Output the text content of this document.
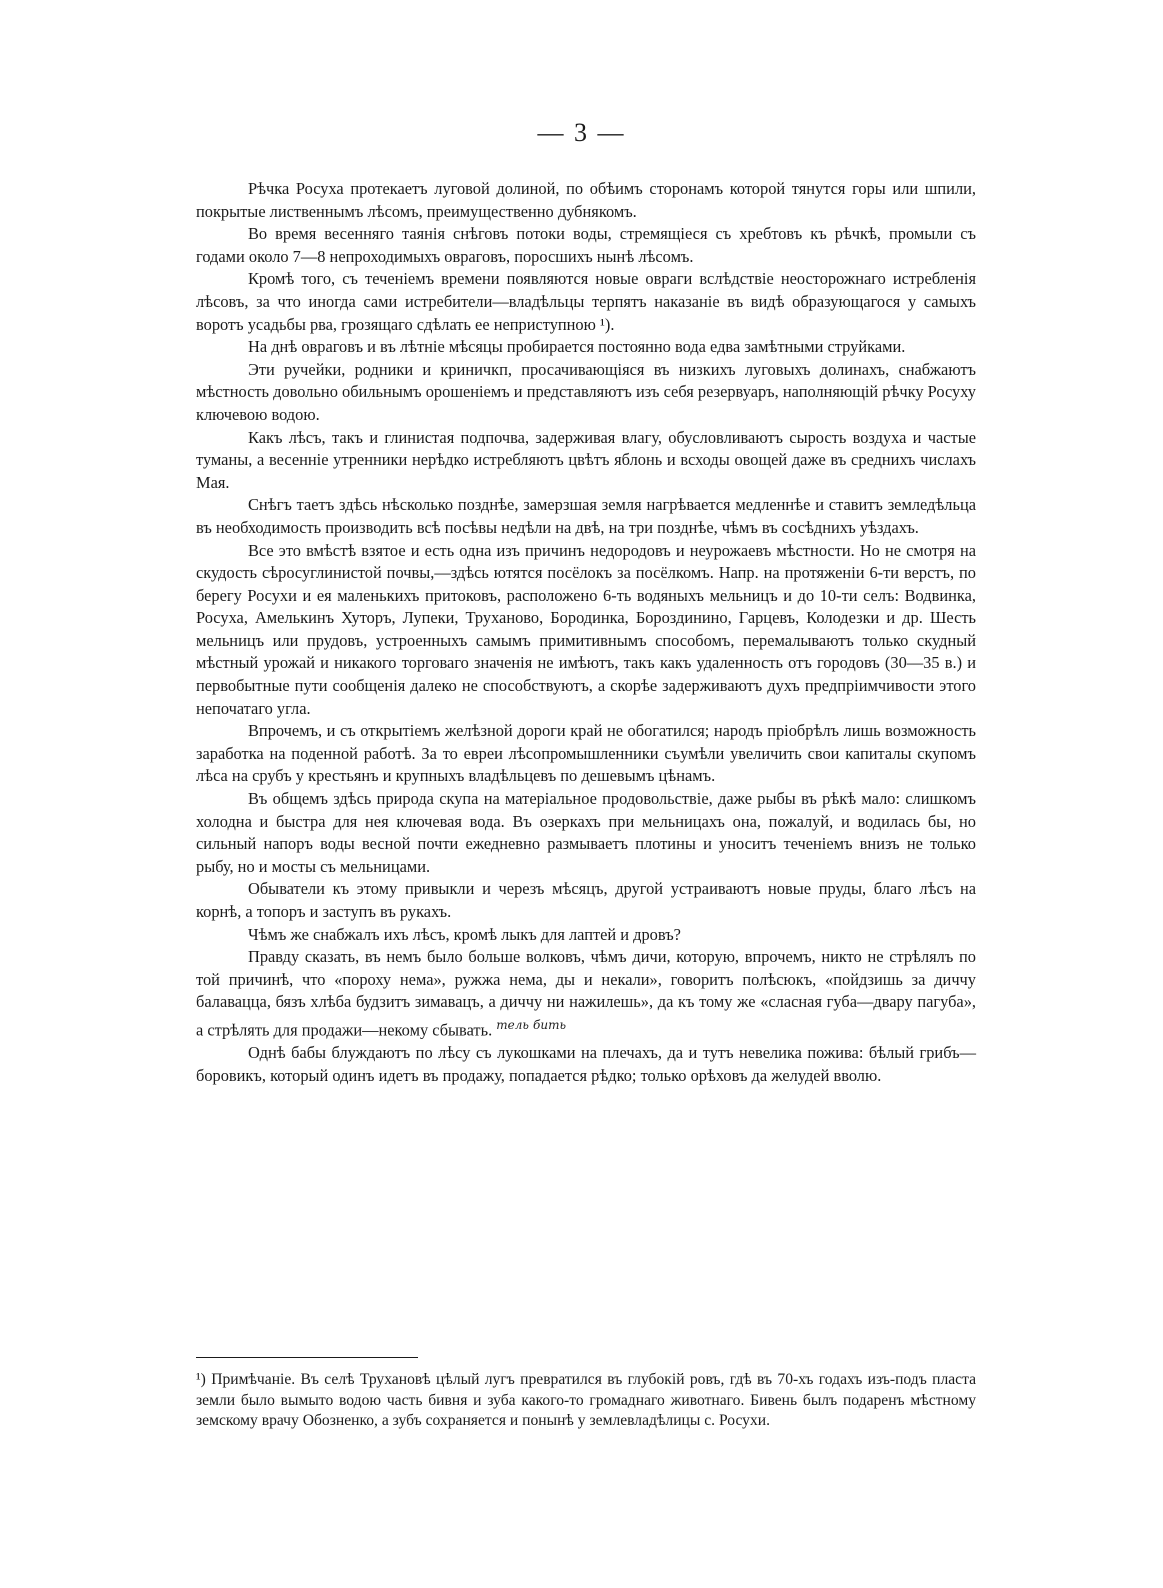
— 3 —

Рѣчка Росуха протекаетъ луговой долиной, по обѣимъ сторонамъ которой тянутся горы или шпили, покрытые лиственнымъ лѣсомъ, преимущественно дубнякомъ.

Во время весенняго таянія снѣговъ потоки воды, стремящіеся съ хребтовъ къ рѣчкѣ, промыли съ годами около 7—8 непроходимыхъ овраговъ, поросшихъ нынѣ лѣсомъ.

Кромѣ того, съ теченіемъ времени появляются новые овраги вслѣдствіе неосторожнаго истребленія лѣсовъ, за что иногда сами истребители—владѣльцы терпятъ наказаніе въ видѣ образующагося у самыхъ воротъ усадьбы рва, грозящаго сдѣлать ее неприступною ¹).

На днѣ овраговъ и въ лѣтніе мѣсяцы пробирается постоянно вода едва замѣтными струйками.

Эти ручейки, родники и криничкп, просачивающіяся въ низкихъ луговыхъ долинахъ, снабжаютъ мѣстность довольно обильнымъ орошеніемъ и представляютъ изъ себя резервуаръ, наполняющій рѣчку Росуху ключевою водою.

Какъ лѣсъ, такъ и глинистая подпочва, задерживая влагу, обусловливаютъ сырость воздуха и частые туманы, а весенніе утренники нерѣдко истребляютъ цвѣтъ яблонь и всходы овощей даже въ среднихъ числахъ Мая.

Снѣгъ таетъ здѣсь нѣсколько позднѣе, замерзшая земля нагрѣвается медленнѣе и ставитъ земледѣльца въ необходимость производить всѣ посѣвы недѣли на двѣ, на три позднѣе, чѣмъ въ сосѣднихъ уѣздахъ.

Все это вмѣстѣ взятое и есть одна изъ причинъ недородовъ и неурожаевъ мѣстности. Но не смотря на скудость сѣросуглинистой почвы,—здѣсь ютятся посёлокъ за посёлкомъ. Напр. на протяженіи 6-ти верстъ, по берегу Росухи и ея маленькихъ притоковъ, расположено 6-ть водяныхъ мельницъ и до 10-ти селъ: Водвинка, Росуха, Амелькинъ Хуторъ, Лупеки, Труханово, Бородинка, Бороздинино, Гарцевъ, Колодезки и др. Шесть мельницъ или прудовъ, устроенныхъ самымъ примитивнымъ способомъ, перемалываютъ только скудный мѣстный урожай и никакого торговаго значенія не имѣютъ, такъ какъ удаленность отъ городовъ (30—35 в.) и первобытные пути сообщенія далеко не способствуютъ, а скорѣе задерживаютъ духъ предпріимчивости этого непочатаго угла.

Впрочемъ, и съ открытіемъ желѣзной дороги край не обогатился; народъ пріобрѣлъ лишь возможность заработка на поденной работѣ. За то евреи лѣсопромышленники съумѣли увеличить свои капиталы скупомъ лѣса на срубъ у крестьянъ и крупныхъ владѣльцевъ по дешевымъ цѣнамъ.

Въ общемъ здѣсь природа скупа на матеріальное продовольствіе, даже рыбы въ рѣкѣ мало: слишкомъ холодна и быстра для нея ключевая вода. Въ озеркахъ при мельницахъ она, пожалуй, и водилась бы, но сильный напоръ воды весной почти ежедневно размываетъ плотины и уноситъ теченіемъ внизъ не только рыбу, но и мосты съ мельницами.

Обыватели къ этому привыкли и черезъ мѣсяцъ, другой устраиваютъ новые пруды, благо лѣсъ на корнѣ, а топоръ и заступъ въ рукахъ.

Чѣмъ же снабжалъ ихъ лѣсъ, кромѣ лыкъ для лаптей и дровъ?

Правду сказать, въ немъ было больше волковъ, чѣмъ дичи, которую, впрочемъ, никто не стрѣлялъ по той причинѣ, что «пороху нема», ружжа нема, ды и некали», говоритъ полѣсюкъ, «пойдзишь за диччу балавацца, бязъ хлѣба будзитъ зимавацъ, а диччу ни нажилешь», да къ тому же «сласная губа—двару пагуба», а стрѣлять для продажи—некому сбывать. $^{тель}$ $^{бить}$

Однѣ бабы блуждаютъ по лѣсу съ лукошками на плечахъ, да и тутъ невелика пожива: бѣлый грибъ—боровикъ, который одинъ идетъ въ продажу, попадается рѣдко; только орѣховъ да желудей вволю.

¹) Примѣчаніе. Въ селѣ Трухановѣ цѣлый лугъ превратился въ глубокій ровъ, гдѣ въ 70-хъ годахъ изъ-подъ пласта земли было вымыто водою часть бивня и зуба какого-то громаднаго животнаго. Бивень былъ подаренъ мѣстному земскому врачу Обозненко, а зубъ сохраняется и понынѣ у землевладѣлицы с. Росухи.
